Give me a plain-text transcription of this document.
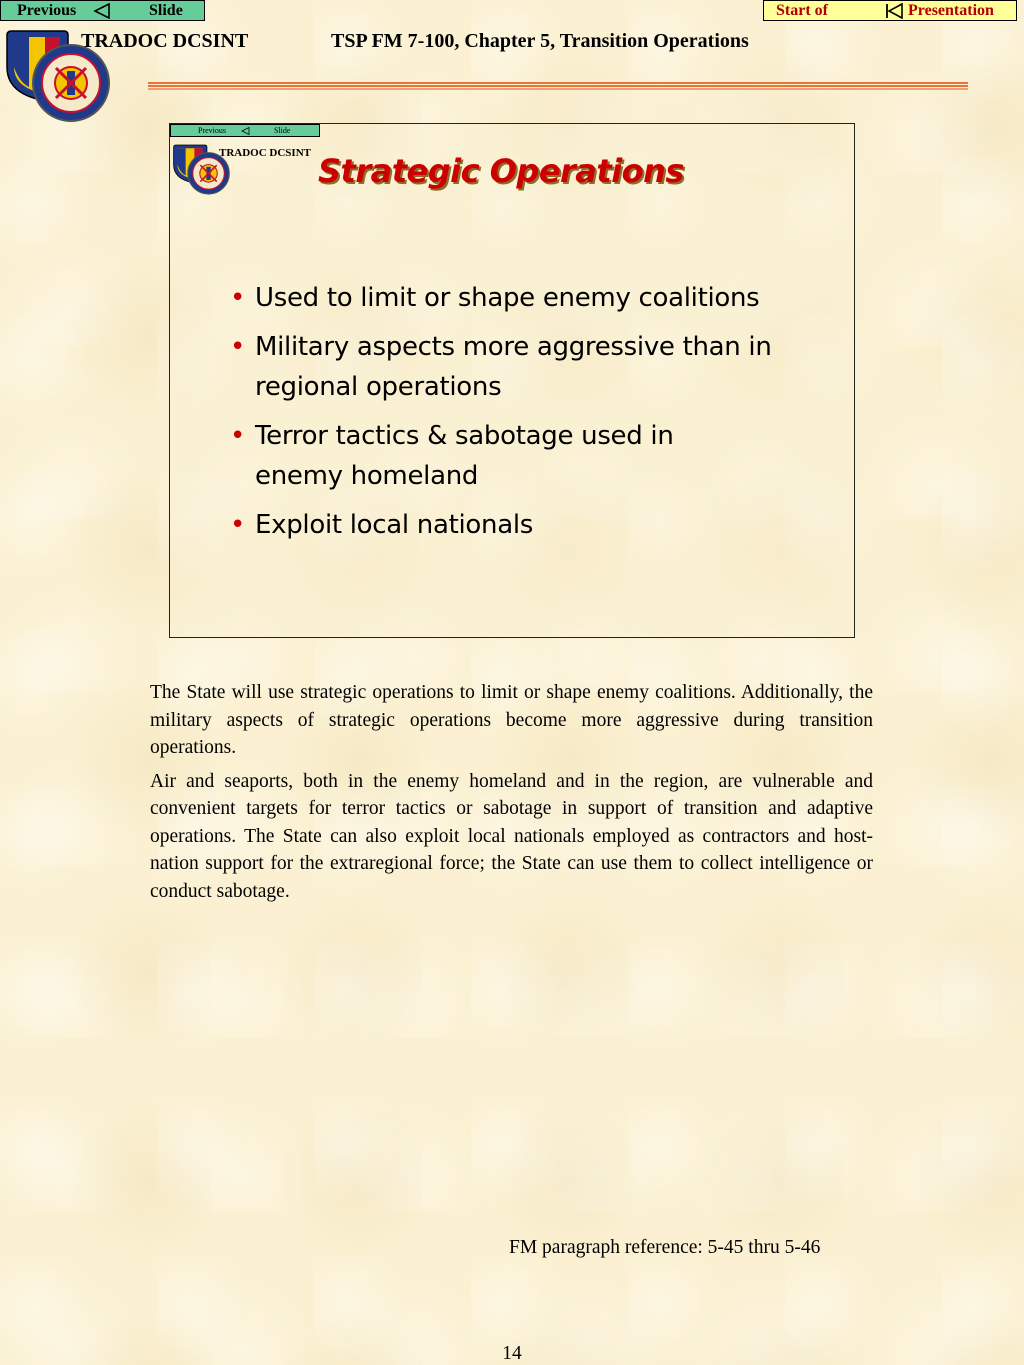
Previous	Slide	Start of	Presentation
TRADOC DCSINT	TSP FM 7-100, Chapter 5, Transition Operations
Previous	Slide
TRADOC DCSINT Strategic Operations
• Used to limit or shape enemy coalitions
• Military aspects more aggressive than in regional operations
• Terror tactics & sabotage used in enemy homeland
• Exploit local nationals

The State will use strategic operations to limit or shape enemy coalitions. Additionally, the military aspects of strategic operations become more aggressive during transition operations.

Air and seaports, both in the enemy homeland and in the region, are vulnerable and convenient targets for terror tactics or sabotage in support of transition and adaptive operations. The State can also exploit local nationals employed as contractors and host-nation support for the extraregional force; the State can use them to collect intelligence or conduct sabotage.

FM paragraph reference: 5-45 thru 5-46
14
